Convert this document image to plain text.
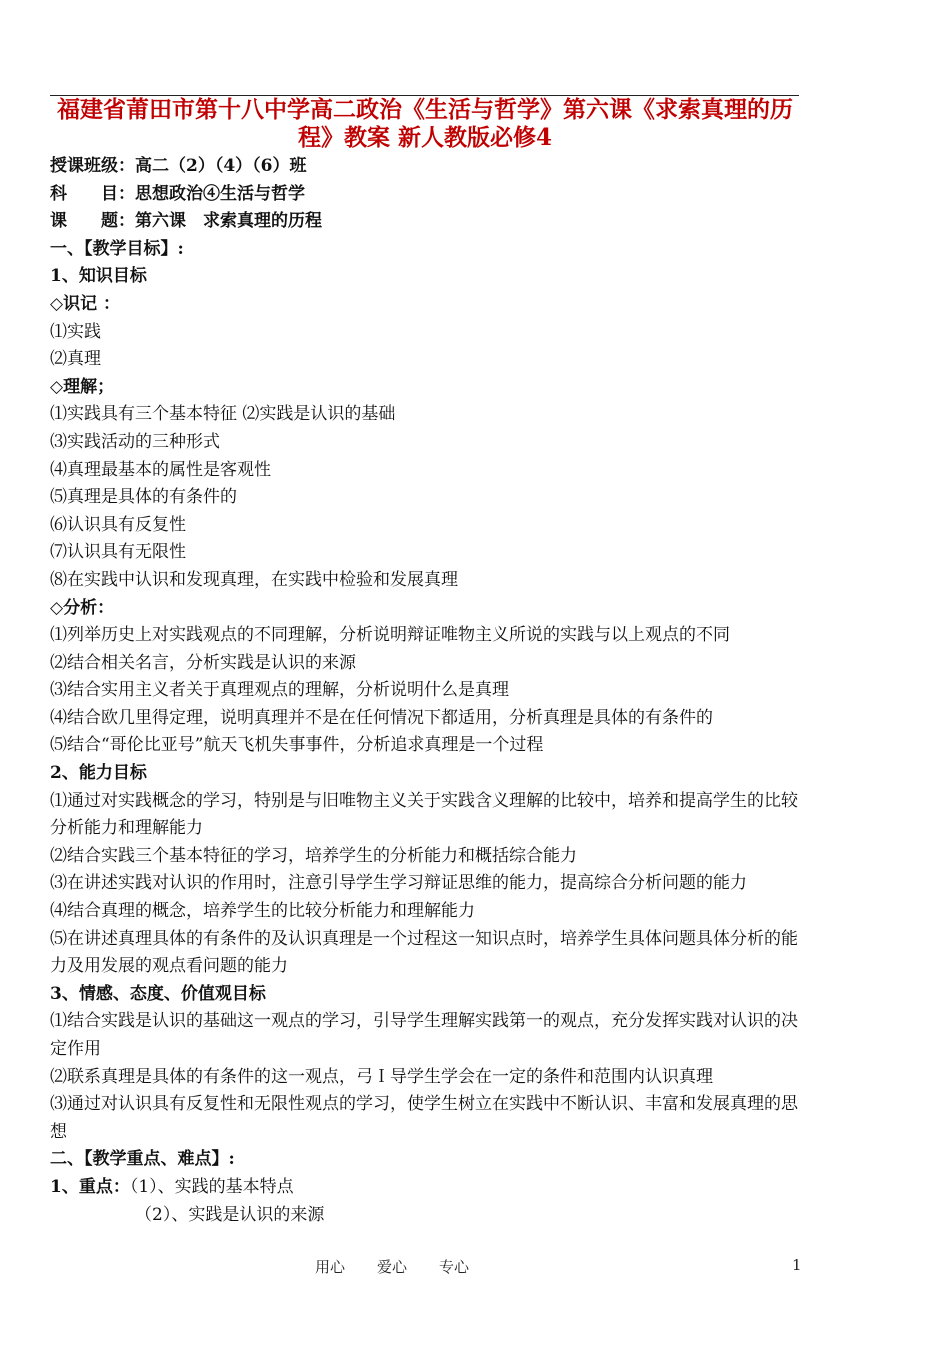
福建省莆田市第十八中学高二政治《生活与哲学》第六课《求索真理的历程》教案 新人教版必修4
授课班级：高二（2）（4）（6）班
科　　目：思想政治④生活与哲学
课　　题：第六课　求索真理的历程
一、【教学目标】:
1、知识目标
◇识记 ：
⑴实践
⑵真理
◇理解；
⑴实践具有三个基本特征 ⑵实践是认识的基础
⑶实践活动的三种形式
⑷真理最基本的属性是客观性
⑸真理是具体的有条件的
⑹认识具有反复性
⑺认识具有无限性
⑻在实践中认识和发现真理，在实践中检验和发展真理
◇分析：
⑴列举历史上对实践观点的不同理解，分析说明辩证唯物主义所说的实践与以上观点的不同
⑵结合相关名言，分析实践是认识的来源
⑶结合实用主义者关于真理观点的理解，分析说明什么是真理
⑷结合欧几里得定理，说明真理并不是在任何情况下都适用，分析真理是具体的有条件的
⑸结合“哥伦比亚号”航天飞机失事事件，分析追求真理是一个过程
2、能力目标
⑴通过对实践概念的学习，特别是与旧唯物主义关于实践含义理解的比较中，培养和提高学生的比较分析能力和理解能力
⑵结合实践三个基本特征的学习，培养学生的分析能力和概括综合能力
⑶在讲述实践对认识的作用时，注意引导学生学习辩证思维的能力，提高综合分析问题的能力
⑷结合真理的概念，培养学生的比较分析能力和理解能力
⑸在讲述真理具体的有条件的及认识真理是一个过程这一知识点时，培养学生具体问题具体分析的能力及用发展的观点看问题的能力
3、情感、态度、价值观目标
⑴结合实践是认识的基础这一观点的学习，引导学生理解实践第一的观点，充分发挥实践对认识的决定作用
⑵联系真理是具体的有条件的这一观点，弓Ｉ导学生学会在一定的条件和范围内认识真理
⑶通过对认识具有反复性和无限性观点的学习，使学生树立在实践中不断认识、丰富和发展真理的思想
二、【教学重点、难点】:
1、重点：（1）、实践的基本特点
（2）、实践是认识的来源
用心 爱心 专心	1
